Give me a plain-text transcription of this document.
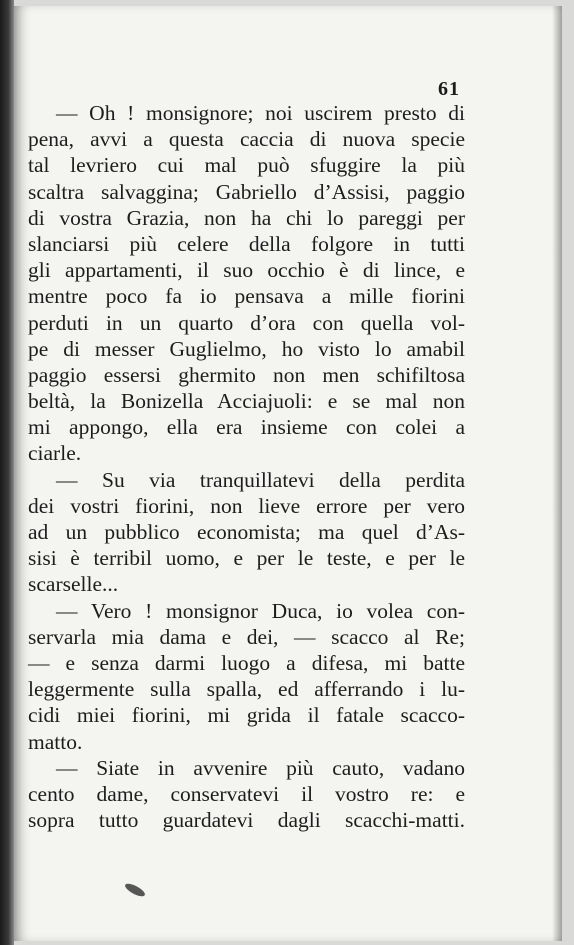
61
— Oh ! monsignore; noi uscirem presto di
pena, avvi a questa caccia di nuova specie
tal levriero cui mal può sfuggire la più
scaltra salvaggina; Gabriello d’Assisi, paggio
di vostra Grazia, non ha chi lo pareggi per
slanciarsi più celere della folgore in tutti
gli appartamenti, il suo occhio è di lince, e
mentre poco fa io pensava a mille fiorini
perduti in un quarto d’ora con quella vol-
pe di messer Guglielmo, ho visto lo amabil
paggio essersi ghermito non men schifiltosa
beltà, la Bonizella Acciajuoli: e se mal non
mi appongo, ella era insieme con colei a
ciarle.
— Su via tranquillatevi della perdita
dei vostri fiorini, non lieve errore per vero
ad un pubblico economista; ma quel d’As-
sisi è terribil uomo, e per le teste, e per le
scarselle...
— Vero ! monsignor Duca, io volea con-
servarla mia dama e dei, — scacco al Re;
— e senza darmi luogo a difesa, mi batte
leggermente sulla spalla, ed afferrando i lu-
cidi miei fiorini, mi grida il fatale scacco-
matto.
— Siate in avvenire più cauto, vadano
cento dame, conservatevi il vostro re: e
sopra tutto guardatevi dagli scacchi-matti.
